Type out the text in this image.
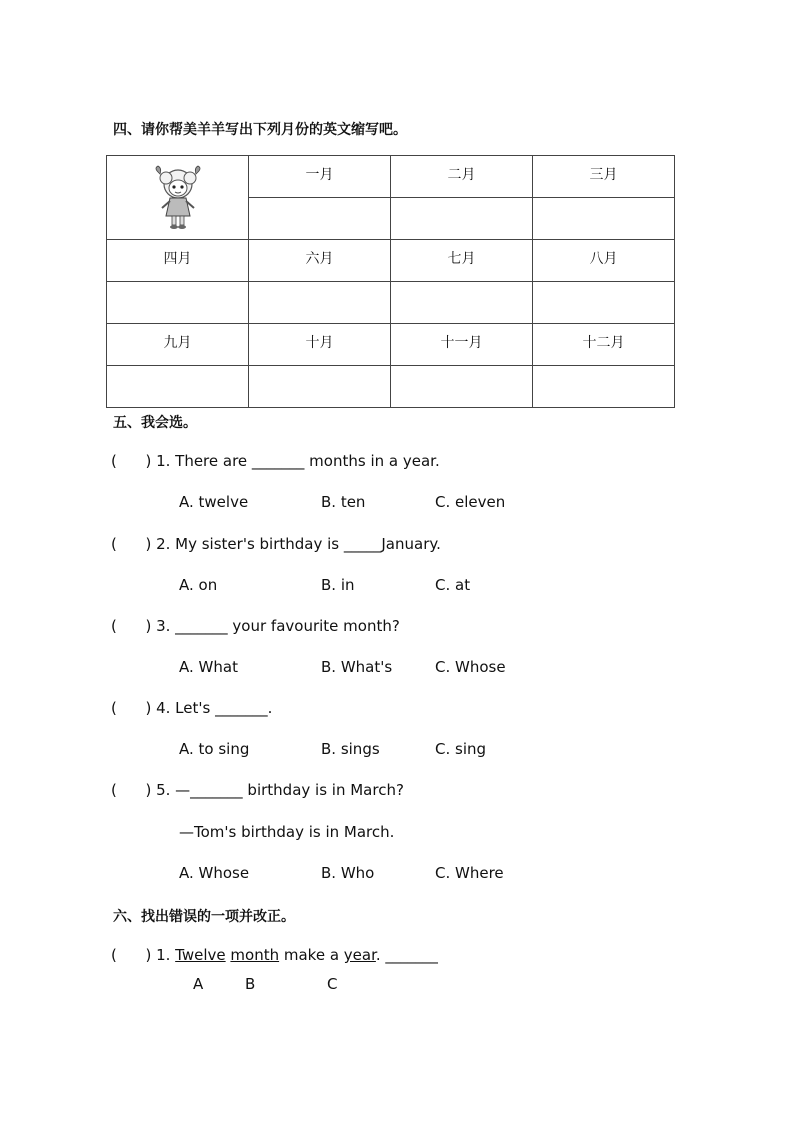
四、请你帮美羊羊写出下列月份的英文缩写吧。
	一月	二月	三月

四月	六月	七月	八月

九月	十月	十一月	十二月

五、我会选。
(      ) 1. There are _______ months in a year.
A. twelve	B. ten	C. eleven
(      ) 2. My sister's birthday is _____January.
A. on	B. in	C. at
(      ) 3. _______ your favourite month?
A. What	B. What's	C. Whose
(      ) 4. Let's _______.
A. to sing	B. sings	C. sing
(      ) 5. —_______ birthday is in March?
—Tom's birthday is in March.
A. Whose	B. Who	C. Where
六、找出错误的一项并改正。
(      ) 1. Twelve month make a year. _______
A	B	C
